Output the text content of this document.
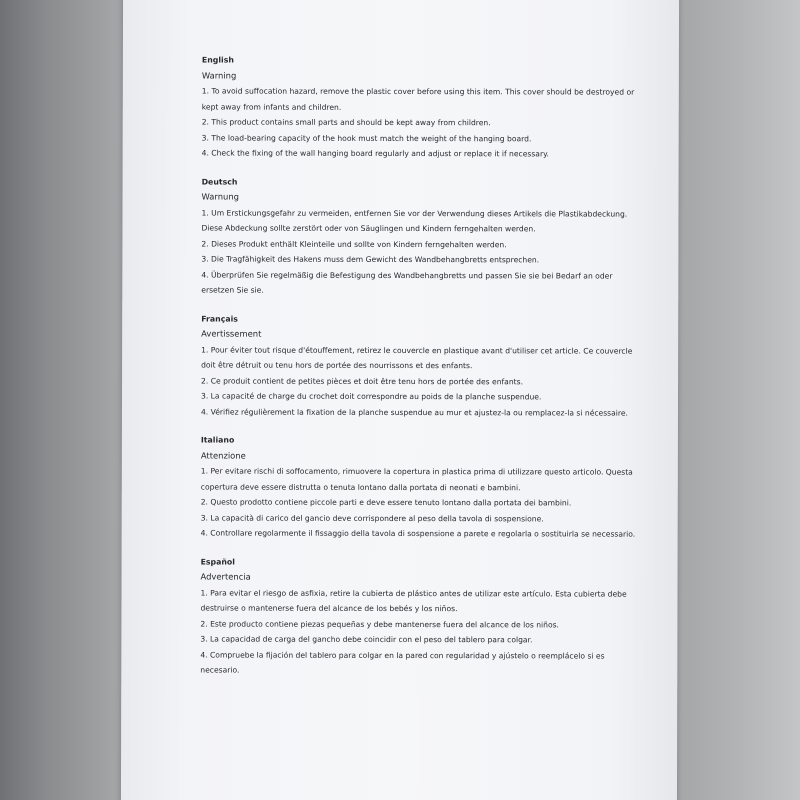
English
Warning
1. To avoid suffocation hazard, remove the plastic cover before using this item. This cover should be destroyed or
kept away from infants and children.
2. This product contains small parts and should be kept away from children.
3. The load-bearing capacity of the hook must match the weight of the hanging board.
4. Check the fixing of the wall hanging board regularly and adjust or replace it if necessary.
Deutsch
Warnung
1. Um Erstickungsgefahr zu vermeiden, entfernen Sie vor der Verwendung dieses Artikels die Plastikabdeckung.
Diese Abdeckung sollte zerstört oder von Säuglingen und Kindern ferngehalten werden.
2. Dieses Produkt enthält Kleinteile und sollte von Kindern ferngehalten werden.
3. Die Tragfähigkeit des Hakens muss dem Gewicht des Wandbehangbretts entsprechen.
4. Überprüfen Sie regelmäßig die Befestigung des Wandbehangbretts und passen Sie sie bei Bedarf an oder
ersetzen Sie sie.
Français
Avertissement
1. Pour éviter tout risque d'étouffement, retirez le couvercle en plastique avant d'utiliser cet article. Ce couvercle
doit être détruit ou tenu hors de portée des nourrissons et des enfants.
2. Ce produit contient de petites pièces et doit être tenu hors de portée des enfants.
3. La capacité de charge du crochet doit correspondre au poids de la planche suspendue.
4. Vérifiez régulièrement la fixation de la planche suspendue au mur et ajustez-la ou remplacez-la si nécessaire.
Italiano
Attenzione
1. Per evitare rischi di soffocamento, rimuovere la copertura in plastica prima di utilizzare questo articolo. Questa
copertura deve essere distrutta o tenuta lontano dalla portata di neonati e bambini.
2. Questo prodotto contiene piccole parti e deve essere tenuto lontano dalla portata dei bambini.
3. La capacità di carico del gancio deve corrispondere al peso della tavola di sospensione.
4. Controllare regolarmente il fissaggio della tavola di sospensione a parete e regolarla o sostituirla se necessario.
Español
Advertencia
1. Para evitar el riesgo de asfixia, retire la cubierta de plástico antes de utilizar este artículo. Esta cubierta debe
destruirse o mantenerse fuera del alcance de los bebés y los niños.
2. Este producto contiene piezas pequeñas y debe mantenerse fuera del alcance de los niños.
3. La capacidad de carga del gancho debe coincidir con el peso del tablero para colgar.
4. Compruebe la fijación del tablero para colgar en la pared con regularidad y ajústelo o reemplácelo si es
necesario.
